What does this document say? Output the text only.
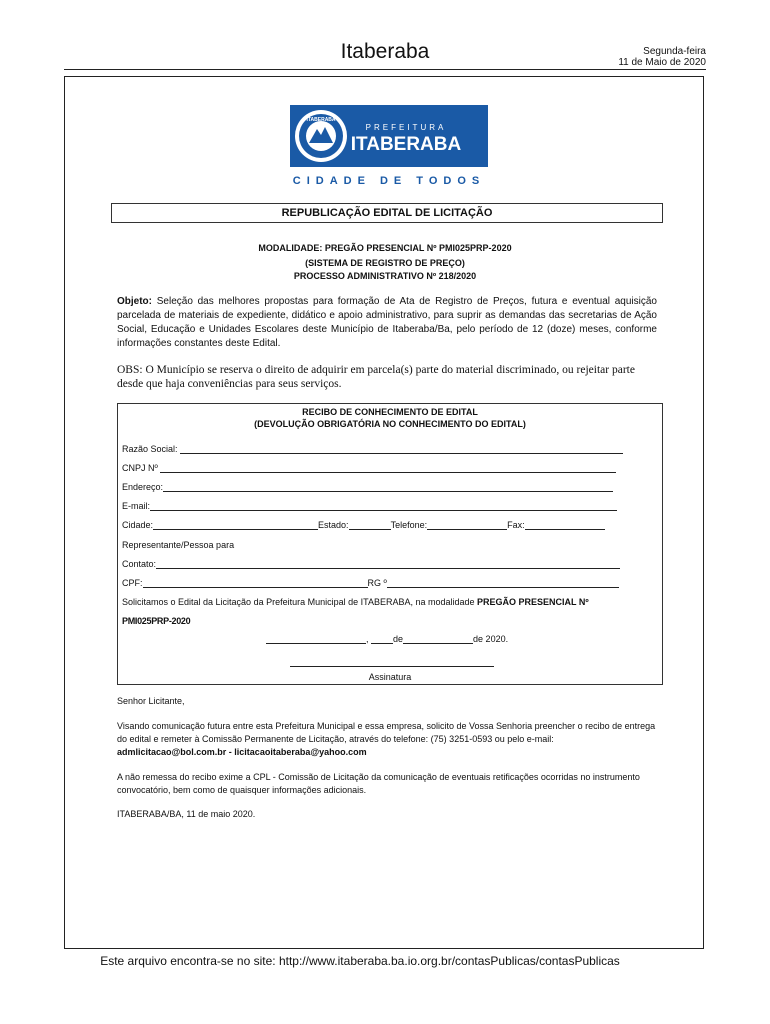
Itaberaba	Segunda-feira
11 de Maio de 2020
ITABERABA
PREFEITURA
ITABERABA
CIDADE DE TODOS
REPUBLICAÇÃO EDITAL DE LICITAÇÃO
MODALIDADE: PREGÃO PRESENCIAL Nº PMI025PRP-2020
(SISTEMA DE REGISTRO DE PREÇO)
PROCESSO ADMINISTRATIVO Nº 218/2020
Objeto: Seleção das melhores propostas para formação de Ata de Registro de Preços, futura e eventual aquisição parcelada de materiais de expediente, didático e apoio administrativo, para suprir as demandas das secretarias de Ação Social, Educação e Unidades Escolares deste Município de Itaberaba/Ba, pelo período de 12 (doze) meses, conforme informações constantes deste Edital.
OBS: O Município se reserva o direito de adquirir em parcela(s) parte do material discriminado, ou rejeitar parte desde que haja conveniências para seus serviços.
RECIBO DE CONHECIMENTO DE EDITAL
(DEVOLUÇÃO OBRIGATÓRIA NO CONHECIMENTO DO EDITAL)
Razão Social:
CNPJ Nº
Endereço:
E-mail:
Cidade:	Estado:	Telefone:	Fax:
Representante/Pessoa para
Contato:
CPF:	RG º
Solicitamos o Edital da Licitação da Prefeitura Municipal de ITABERABA, na modalidade PREGÃO PRESENCIAL Nº
PMI025PRP-2020
,	de	de 2020.
Assinatura
Senhor Licitante,
Visando comunicação futura entre esta Prefeitura Municipal e essa empresa, solicito de Vossa Senhoria preencher o recibo de entrega do edital e remeter à Comissão Permanente de Licitação, através do telefone: (75) 3251-0593 ou pelo e-mail: admlicitacao@bol.com.br - licitacaoitaberaba@yahoo.com
A não remessa do recibo exime a CPL - Comissão de Licitação da comunicação de eventuais retificações ocorridas no instrumento convocatório, bem como de quaisquer informações adicionais.
ITABERABA/BA, 11 de maio 2020.
Este arquivo encontra-se no site: http://www.itaberaba.ba.io.org.br/contasPublicas/contasPublicas
